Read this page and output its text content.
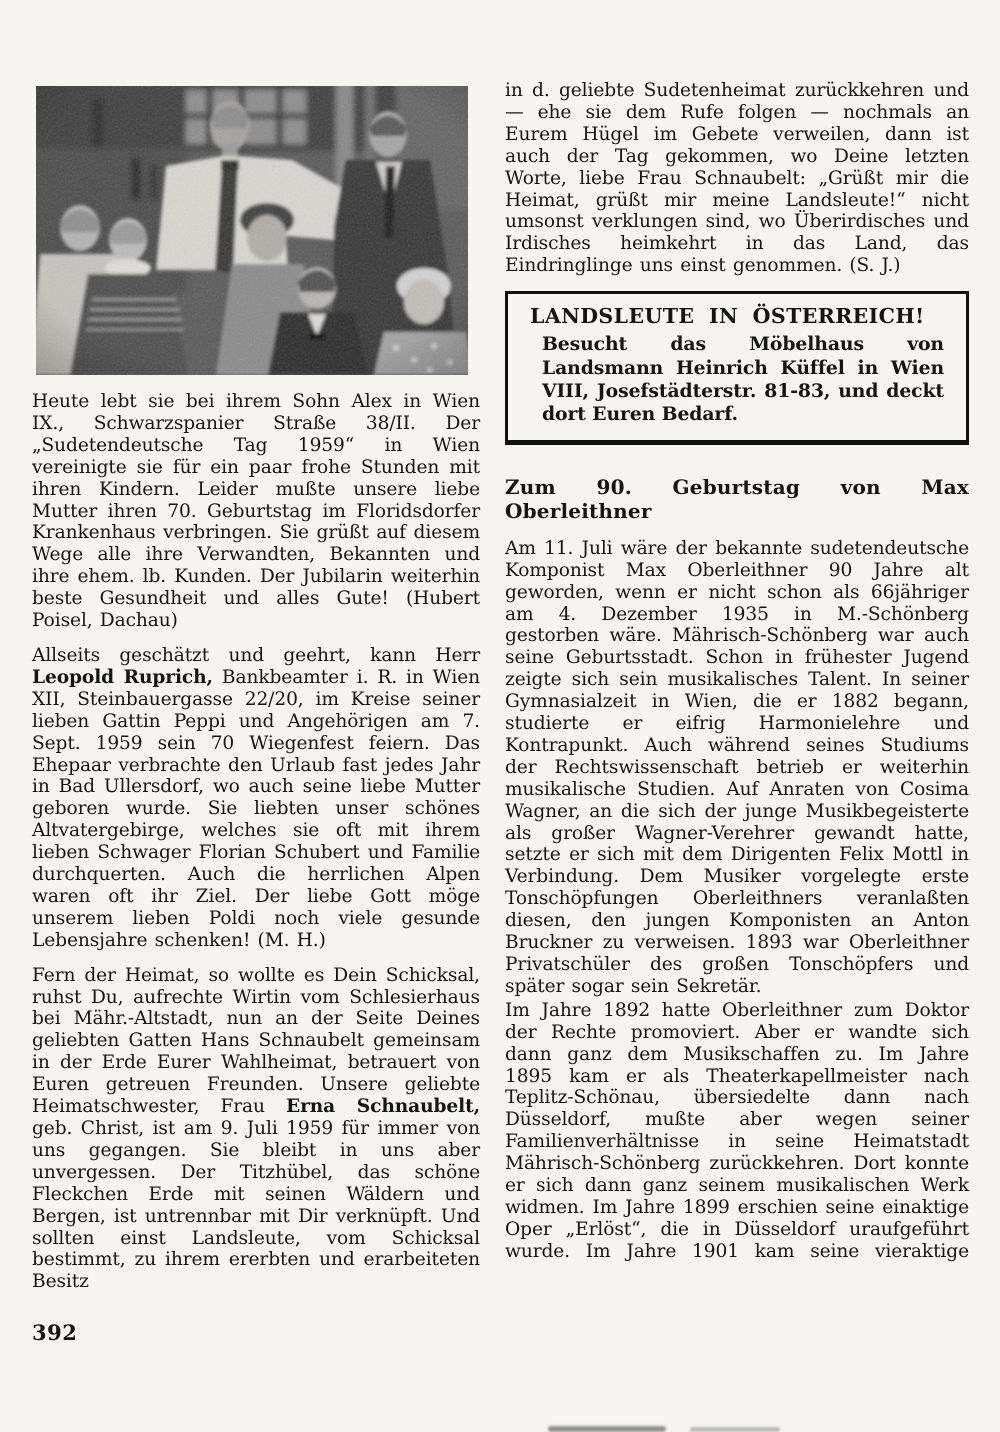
Heute lebt sie bei ihrem Sohn Alex in Wien IX., Schwarzspanier Straße 38/II. Der „Sudetendeutsche Tag 1959“ in Wien vereinigte sie für ein paar frohe Stunden mit ihren Kindern. Leider mußte unsere liebe Mutter ihren 70. Geburtstag im Floridsdorfer Krankenhaus verbringen. Sie grüßt auf diesem Wege alle ihre Verwandten, Bekannten und ihre ehem. lb. Kunden. Der Jubilarin weiterhin beste Gesundheit und alles Gute! (Hubert Poisel, Dachau)

Allseits geschätzt und geehrt, kann Herr Leopold Ruprich, Bankbeamter i. R. in Wien XII, Steinbauergasse 22/20, im Kreise seiner lieben Gattin Peppi und Angehörigen am 7. Sept. 1959 sein 70 Wiegenfest feiern. Das Ehepaar verbrachte den Urlaub fast jedes Jahr in Bad Ullersdorf, wo auch seine liebe Mutter geboren wurde. Sie liebten unser schönes Altvatergebirge, welches sie oft mit ihrem lieben Schwager Florian Schubert und Familie durchquerten. Auch die herrlichen Alpen waren oft ihr Ziel. Der liebe Gott möge unserem lieben Poldi noch viele gesunde Lebensjahre schenken! (M. H.)

Fern der Heimat, so wollte es Dein Schicksal, ruhst Du, aufrechte Wirtin vom Schlesierhaus bei Mähr.-Altstadt, nun an der Seite Deines geliebten Gatten Hans Schnaubelt gemeinsam in der Erde Eurer Wahlheimat, betrauert von Euren getreuen Freunden. Unsere geliebte Heimatschwester, Frau Erna Schnaubelt, geb. Christ, ist am 9. Juli 1959 für immer von uns gegangen. Sie bleibt in uns aber unvergessen. Der Titzhübel, das schöne Fleckchen Erde mit seinen Wäldern und Bergen, ist untrennbar mit Dir verknüpft. Und sollten einst Landsleute, vom Schicksal bestimmt, zu ihrem ererbten und erarbeiteten Besitz

in d. geliebte Sudetenheimat zurückkehren und — ehe sie dem Rufe folgen — nochmals an Eurem Hügel im Gebete verweilen, dann ist auch der Tag gekommen, wo Deine letzten Worte, liebe Frau Schnaubelt: „Grüßt mir die Heimat, grüßt mir meine Landsleute!“ nicht umsonst verklungen sind, wo Überirdisches und Irdisches heimkehrt in das Land, das Eindringlinge uns einst genommen. (S. J.)

LANDSLEUTE IN ÖSTERREICH!

Besucht das Möbelhaus von Landsmann Heinrich Küffel in Wien VIII, Josefstädterstr. 81-83, und deckt dort Euren Bedarf.

Zum 90. Geburtstag von Max Oberleithner

Am 11. Juli wäre der bekannte sudetendeutsche Komponist Max Oberleithner 90 Jahre alt geworden, wenn er nicht schon als 66jähriger am 4. Dezember 1935 in M.-Schönberg gestorben wäre. Mährisch-Schönberg war auch seine Geburtsstadt. Schon in frühester Jugend zeigte sich sein musikalisches Talent. In seiner Gymnasialzeit in Wien, die er 1882 begann, studierte er eifrig Harmonielehre und Kontrapunkt. Auch während seines Studiums der Rechtswissenschaft betrieb er weiterhin musikalische Studien. Auf Anraten von Cosima Wagner, an die sich der junge Musikbegeisterte als großer Wagner-Verehrer gewandt hatte, setzte er sich mit dem Dirigenten Felix Mottl in Verbindung. Dem Musiker vorgelegte erste Tonschöpfungen Oberleithners veranlaßten diesen, den jungen Komponisten an Anton Bruckner zu verweisen. 1893 war Oberleithner Privatschüler des großen Tonschöpfers und später sogar sein Sekretär.

Im Jahre 1892 hatte Oberleithner zum Doktor der Rechte promoviert. Aber er wandte sich dann ganz dem Musikschaffen zu. Im Jahre 1895 kam er als Theaterkapellmeister nach Teplitz-Schönau, übersiedelte dann nach Düsseldorf, mußte aber wegen seiner Familienverhältnisse in seine Heimatstadt Mährisch-Schönberg zurückkehren. Dort konnte er sich dann ganz seinem musikalischen Werk widmen. Im Jahre 1899 erschien seine einaktige Oper „Erlöst“, die in Düsseldorf uraufgeführt wurde. Im Jahre 1901 kam seine vieraktige

392
